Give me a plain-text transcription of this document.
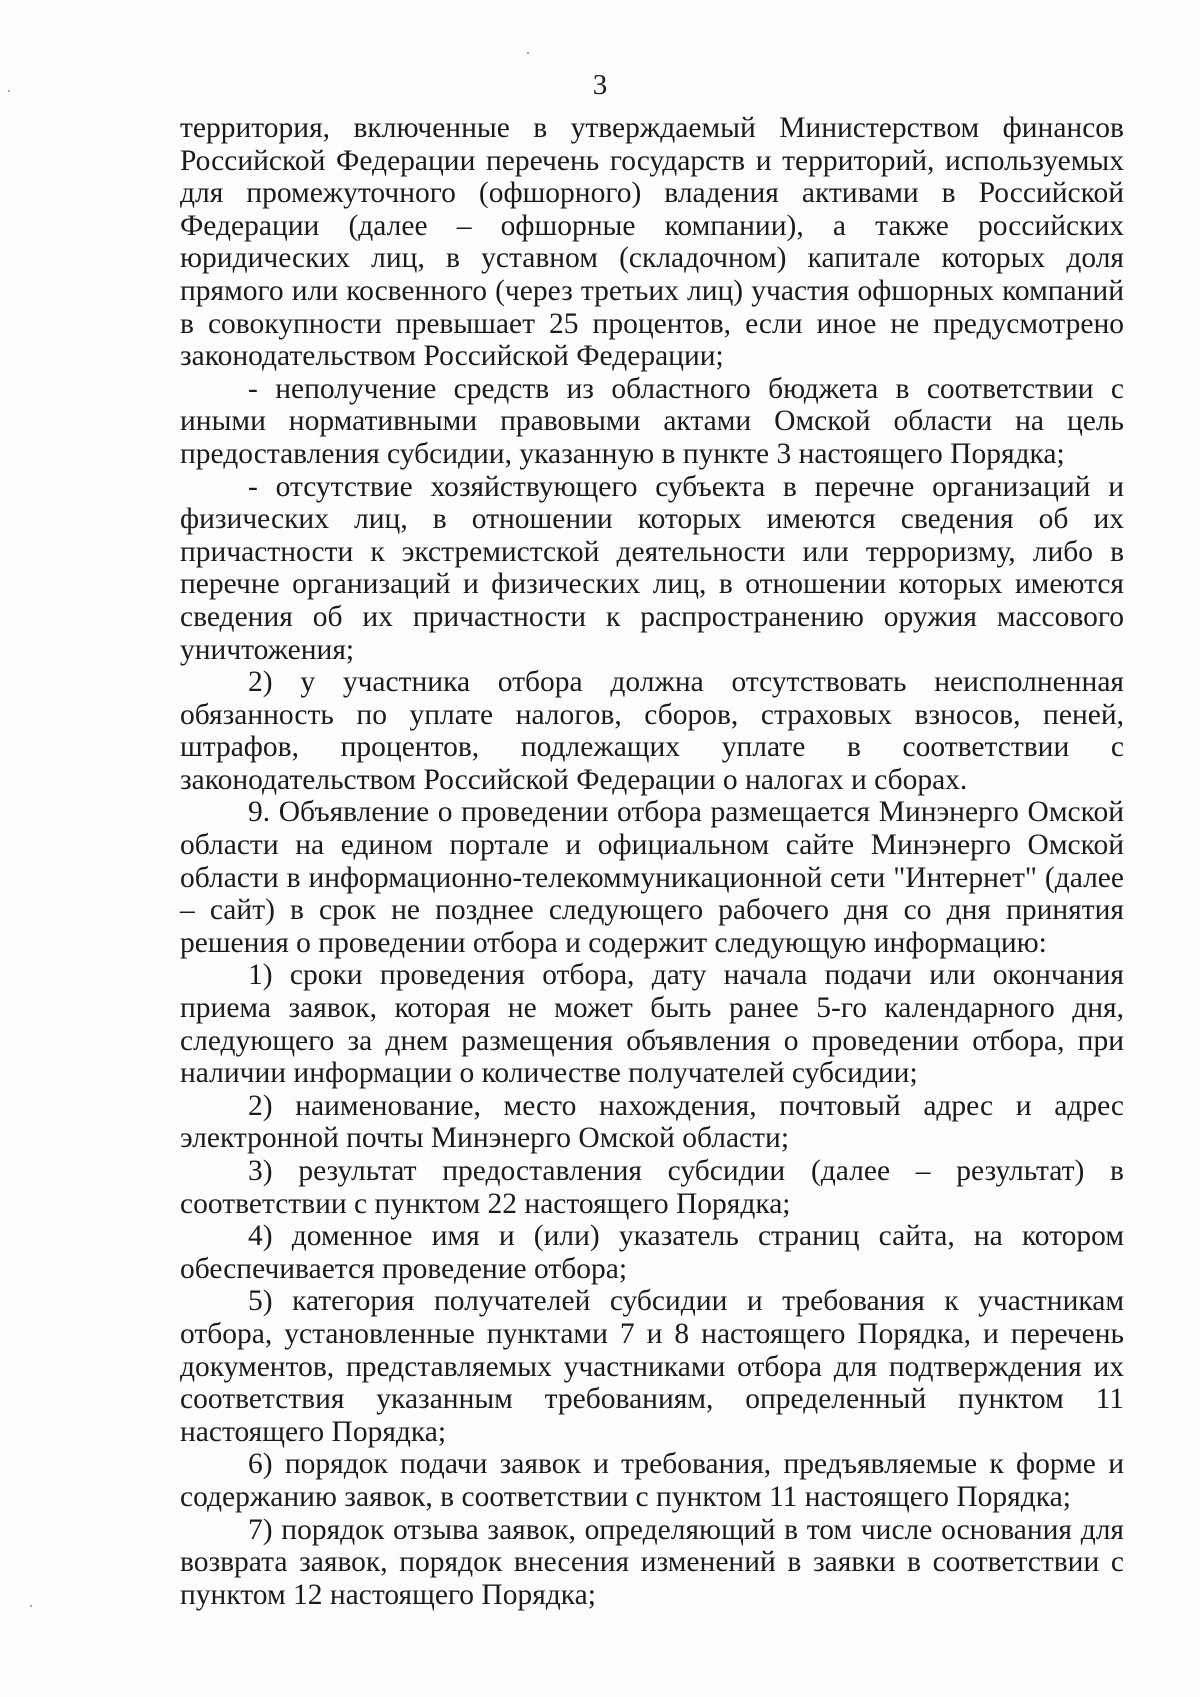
3

территория, включенные в утверждаемый Министерством финансов Российской Федерации перечень государств и территорий, используемых для промежуточного (офшорного) владения активами в Российской Федерации (далее – офшорные компании), а также российских юридических лиц, в уставном (складочном) капитале которых доля прямого или косвенного (через третьих лиц) участия офшорных компаний в совокупности превышает 25 процентов, если иное не предусмотрено законодательством Российской Федерации;

- неполучение средств из областного бюджета в соответствии с иными нормативными правовыми актами Омской области на цель предоставления субсидии, указанную в пункте 3 настоящего Порядка;

- отсутствие хозяйствующего субъекта в перечне организаций и физических лиц, в отношении которых имеются сведения об их причастности к экстремистской деятельности или терроризму, либо в перечне организаций и физических лиц, в отношении которых имеются сведения об их причастности к распространению оружия массового уничтожения;

2) у участника отбора должна отсутствовать неисполненная обязанность по уплате налогов, сборов, страховых взносов, пеней, штрафов, процентов, подлежащих уплате в соответствии с законодательством Российской Федерации о налогах и сборах.

9. Объявление о проведении отбора размещается Минэнерго Омской области на едином портале и официальном сайте Минэнерго Омской области в информационно-телекоммуникационной сети "Интернет" (далее – сайт) в срок не позднее следующего рабочего дня со дня принятия решения о проведении отбора и содержит следующую информацию:

1) сроки проведения отбора, дату начала подачи или окончания приема заявок, которая не может быть ранее 5-го календарного дня, следующего за днем размещения объявления о проведении отбора, при наличии информации о количестве получателей субсидии;

2) наименование, место нахождения, почтовый адрес и адрес электронной почты Минэнерго Омской области;

3) результат предоставления субсидии (далее – результат) в соответствии с пунктом 22 настоящего Порядка;

4) доменное имя и (или) указатель страниц сайта, на котором обеспечивается проведение отбора;

5) категория получателей субсидии и требования к участникам отбора, установленные пунктами 7 и 8 настоящего Порядка, и перечень документов, представляемых участниками отбора для подтверждения их соответствия указанным требованиям, определенный пунктом 11 настоящего Порядка;

6) порядок подачи заявок и требования, предъявляемые к форме и содержанию заявок, в соответствии с пунктом 11 настоящего Порядка;

7) порядок отзыва заявок, определяющий в том числе основания для возврата заявок, порядок внесения изменений в заявки в соответствии с пунктом 12 настоящего Порядка;
